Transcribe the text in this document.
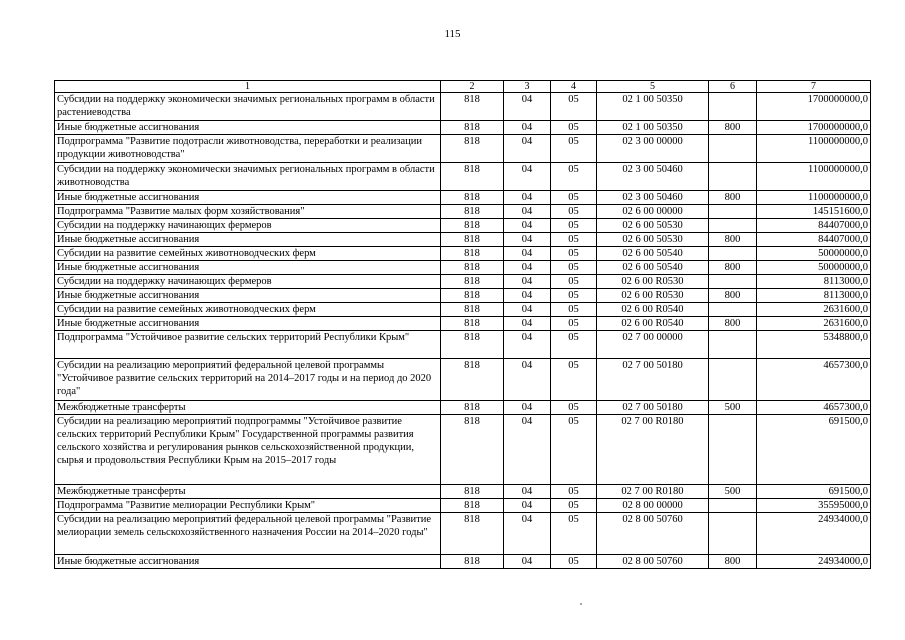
115
1	2	3	4	5	6	7
Субсидии на поддержку экономически значимых региональных программ в области растениеводства	818	04	05	02 1 00 50350		1700000000,0
Иные бюджетные ассигнования	818	04	05	02 1 00 50350	800	1700000000,0
Подпрограмма "Развитие подотрасли животноводства, переработки и реализации продукции животноводства"	818	04	05	02 3 00 00000		1100000000,0
Субсидии на поддержку экономически значимых региональных программ в области животноводства	818	04	05	02 3 00 50460		1100000000,0
Иные бюджетные ассигнования	818	04	05	02 3 00 50460	800	1100000000,0
Подпрограмма "Развитие малых форм хозяйствования"	818	04	05	02 6 00 00000		145151600,0
Субсидии на поддержку начинающих фермеров	818	04	05	02 6 00 50530		84407000,0
Иные бюджетные ассигнования	818	04	05	02 6 00 50530	800	84407000,0
Субсидии на развитие семейных животноводческих ферм	818	04	05	02 6 00 50540		50000000,0
Иные бюджетные ассигнования	818	04	05	02 6 00 50540	800	50000000,0
Субсидии на поддержку начинающих фермеров	818	04	05	02 6 00 R0530		8113000,0
Иные бюджетные ассигнования	818	04	05	02 6 00 R0530	800	8113000,0
Субсидии на развитие семейных животноводческих ферм	818	04	05	02 6 00 R0540		2631600,0
Иные бюджетные ассигнования	818	04	05	02 6 00 R0540	800	2631600,0
Подпрограмма "Устойчивое развитие сельских территорий Республики Крым"	818	04	05	02 7 00 00000		5348800,0
Субсидии на реализацию мероприятий федеральной целевой программы "Устойчивое развитие сельских территорий на 2014–2017 годы и на период до 2020 года"	818	04	05	02 7 00 50180		4657300,0
Межбюджетные трансферты	818	04	05	02 7 00 50180	500	4657300,0
Субсидии на реализацию мероприятий подпрограммы "Устойчивое развитие сельских территорий Республики Крым" Государственной программы развития сельского хозяйства и регулирования рынков сельскохозяйственной продукции, сырья и продовольствия Республики Крым на 2015–2017 годы	818	04	05	02 7 00 R0180		691500,0
Межбюджетные трансферты	818	04	05	02 7 00 R0180	500	691500,0
Подпрограмма "Развитие мелиорации Республики Крым"	818	04	05	02 8 00 00000		35595000,0
Субсидии на реализацию мероприятий федеральной целевой программы "Развитие мелиорации земель сельскохозяйственного назначения России на 2014–2020 годы"	818	04	05	02 8 00 50760		24934000,0
Иные бюджетные ассигнования	818	04	05	02 8 00 50760	800	24934000,0
